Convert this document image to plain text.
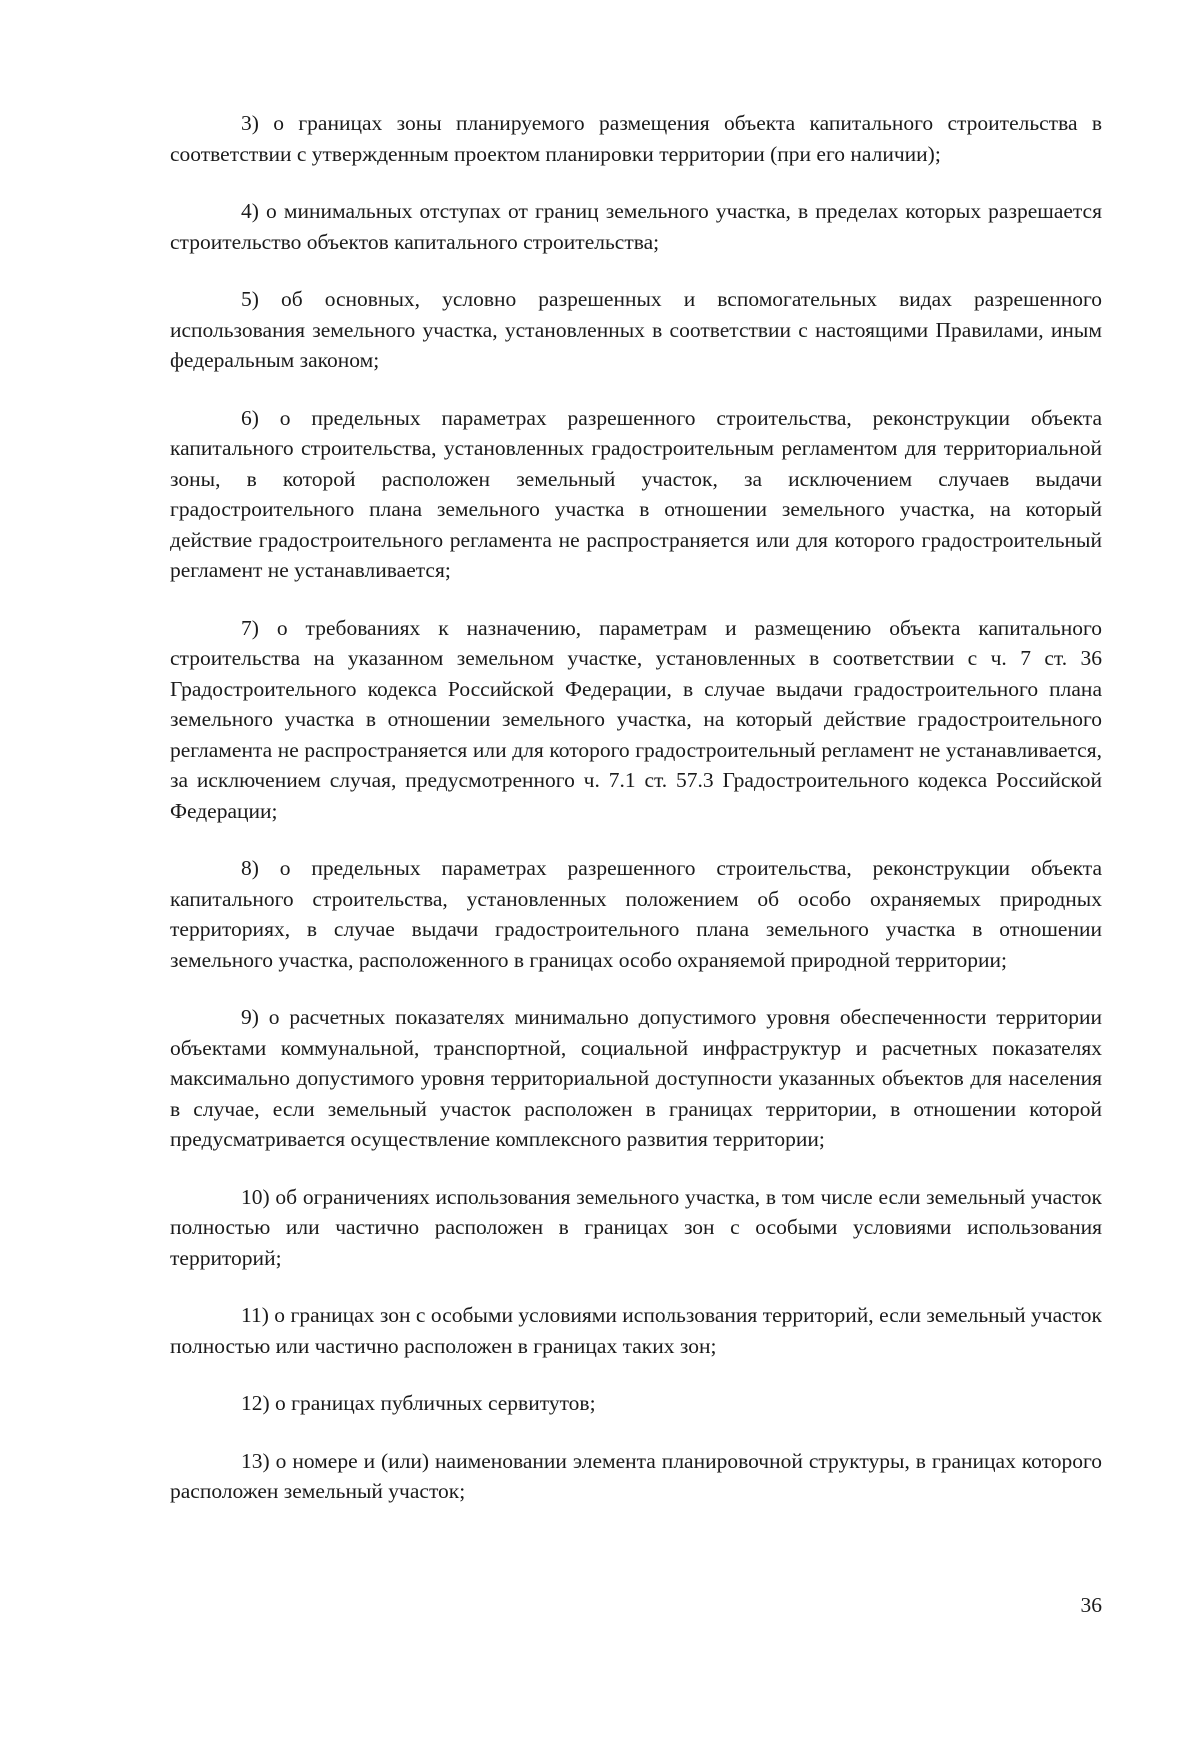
3) о границах зоны планируемого размещения объекта капитального строительства в соответствии с утвержденным проектом планировки территории (при его наличии);

4) о минимальных отступах от границ земельного участка, в пределах которых разрешается строительство объектов капитального строительства;

5) об основных, условно разрешенных и вспомогательных видах разрешенного использования земельного участка, установленных в соответствии с настоящими Правилами, иным федеральным законом;

6) о предельных параметрах разрешенного строительства, реконструкции объекта капитального строительства, установленных градостроительным регламентом для территориальной зоны, в которой расположен земельный участок, за исключением случаев выдачи градостроительного плана земельного участка в отношении земельного участка, на который действие градостроительного регламента не распространяется или для которого градостроительный регламент не устанавливается;

7) о требованиях к назначению, параметрам и размещению объекта капитального строительства на указанном земельном участке, установленных в соответствии с ч. 7 ст. 36 Градостроительного кодекса Российской Федерации, в случае выдачи градостроительного плана земельного участка в отношении земельного участка, на который действие градостроительного регламента не распространяется или для которого градостроительный регламент не устанавливается, за исключением случая, предусмотренного ч. 7.1 ст. 57.3 Градостроительного кодекса Российской Федерации;

8) о предельных параметрах разрешенного строительства, реконструкции объекта капитального строительства, установленных положением об особо охраняемых природных территориях, в случае выдачи градостроительного плана земельного участка в отношении земельного участка, расположенного в границах особо охраняемой природной территории;

9) о расчетных показателях минимально допустимого уровня обеспеченности территории объектами коммунальной, транспортной, социальной инфраструктур и расчетных показателях максимально допустимого уровня территориальной доступности указанных объектов для населения в случае, если земельный участок расположен в границах территории, в отношении которой предусматривается осуществление комплексного развития территории;

10) об ограничениях использования земельного участка, в том числе если земельный участок полностью или частично расположен в границах зон с особыми условиями использования территорий;

11) о границах зон с особыми условиями использования территорий, если земельный участок полностью или частично расположен в границах таких зон;

12) о границах публичных сервитутов;

13) о номере и (или) наименовании элемента планировочной структуры, в границах которого расположен земельный участок;

36
